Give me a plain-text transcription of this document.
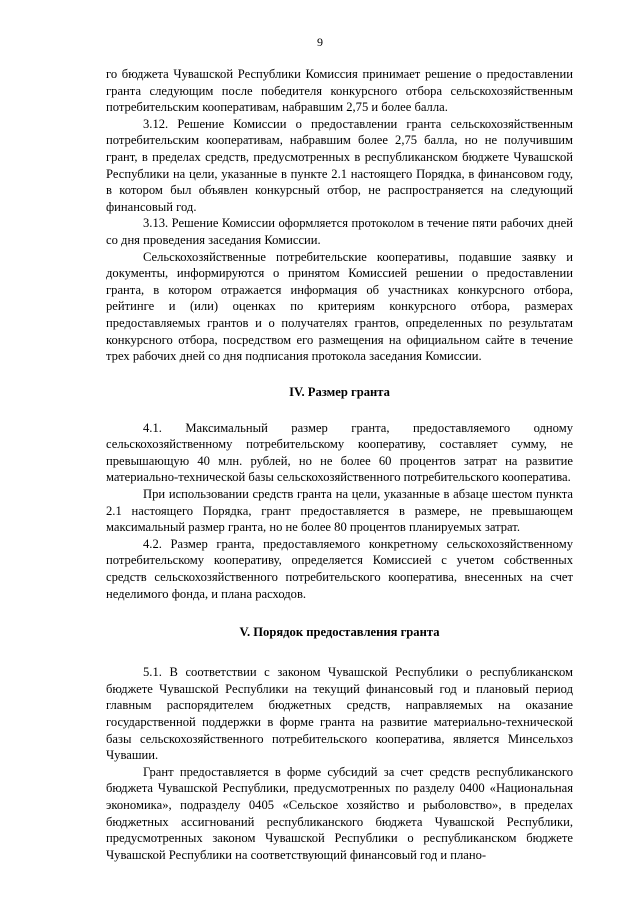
9

го бюджета Чувашской Республики Комиссия принимает решение о предоставлении гранта следующим после победителя конкурсного отбора сельскохозяйственным потребительским кооперативам, набравшим 2,75 и более балла.

3.12. Решение Комиссии о предоставлении гранта сельскохозяйственным потребительским кооперативам, набравшим более 2,75 балла, но не получившим грант, в пределах средств, предусмотренных в республиканском бюджете Чувашской Республики на цели, указанные в пункте 2.1 настоящего Порядка, в финансовом году, в котором был объявлен конкурсный отбор, не распространяется на следующий финансовый год.

3.13. Решение Комиссии оформляется протоколом в течение пяти рабочих дней со дня проведения заседания Комиссии.

Сельскохозяйственные потребительские кооперативы, подавшие заявку и документы, информируются о принятом Комиссией решении о предоставлении гранта, в котором отражается информация об участниках конкурсного отбора, рейтинге и (или) оценках по критериям конкурсного отбора, размерах предоставляемых грантов и о получателях грантов, определенных по результатам конкурсного отбора, посредством его размещения на официальном сайте в течение трех рабочих дней со дня подписания протокола заседания Комиссии.

IV. Размер гранта

4.1. Максимальный размер гранта, предоставляемого одному сельскохозяйственному потребительскому кооперативу, составляет сумму, не превышающую 40 млн. рублей, но не более 60 процентов затрат на развитие материально-технической базы сельскохозяйственного потребительского кооператива.

При использовании средств гранта на цели, указанные в абзаце шестом пункта 2.1 настоящего Порядка, грант предоставляется в размере, не превышающем максимальный размер гранта, но не более 80 процентов планируемых затрат.

4.2. Размер гранта, предоставляемого конкретному сельскохозяйственному потребительскому кооперативу, определяется Комиссией с учетом собственных средств сельскохозяйственного потребительского кооператива, внесенных на счет неделимого фонда, и плана расходов.

V. Порядок предоставления гранта

5.1. В соответствии с законом Чувашской Республики о республиканском бюджете Чувашской Республики на текущий финансовый год и плановый период главным распорядителем бюджетных средств, направляемых на оказание государственной поддержки в форме гранта на развитие материально-технической базы сельскохозяйственного потребительского кооператива, является Минсельхоз Чувашии.

Грант предоставляется в форме субсидий за счет средств республиканского бюджета Чувашской Республики, предусмотренных по разделу 0400 «Национальная экономика», подразделу 0405 «Сельское хозяйство и рыболовство», в пределах бюджетных ассигнований республиканского бюджета Чувашской Республики, предусмотренных законом Чувашской Республики о республиканском бюджете Чувашской Республики на соответствующий финансовый год и плано-
